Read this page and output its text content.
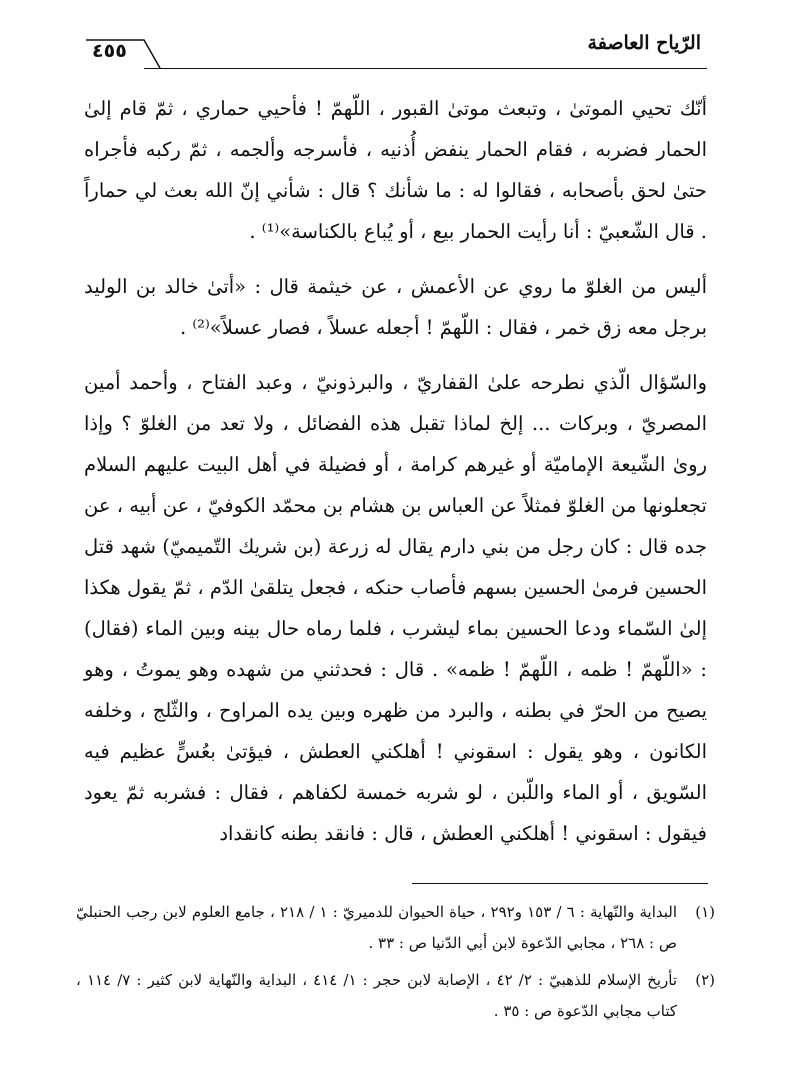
الرّياح العاصفة
٤٥٥

أنّك تحيي الموتىٰ ، وتبعث موتىٰ القبور ، اللّهمّ ! فأحيي حماري ، ثمّ قام إلىٰ الحمار فضربه ، فقام الحمار ينفض أُذنيه ، فأسرجه وألجمه ، ثمّ ركبه فأجراه حتىٰ لحق بأصحابه ، فقالوا له : ما شأنك ؟ قال : شأني إنّ الله بعث لي حماراً . قال الشّعبيّ : أنا رأيت الحمار بيع ، أو يُباع بالكناسة»⁽¹⁾ .

أليس من الغلوّ ما روي عن الأعمش ، عن خيثمة قال : «أتىٰ خالد بن الوليد برجل معه زق خمر ، فقال : اللّهمّ ! أجعله عسلاً ، فصار عسلاً»⁽²⁾ .

والسّؤال الّذي نطرحه علىٰ القفاريّ ، والبرذونيّ ، وعبد الفتاح ، وأحمد أمين المصريّ ، وبركات ... إلخ لماذا تقبل هذه الفضائل ، ولا تعد من الغلوّ ؟ وإذا روىٰ الشّيعة الإماميّة أو غيرهم كرامة ، أو فضيلة في أهل البيت عليهم السلام تجعلونها من الغلوّ فمثلاً عن العباس بن هشام بن محمّد الكوفيّ ، عن أبيه ، عن جده قال : كان رجل من بني دارم يقال له زرعة (بن شريك التّميميّ) شهد قتل الحسين فرمىٰ الحسين بسهم فأصاب حنكه ، فجعل يتلقىٰ الدّم ، ثمّ يقول هكذا إلىٰ السّماء ودعا الحسين بماء ليشرب ، فلما رماه حال بينه وبين الماء (فقال) : «اللّهمّ ! ظمه ، اللّهمّ ! ظمه» . قال : فحدثني من شهده وهو يموتُ ، وهو يصيح من الحرّ في بطنه ، والبرد من ظهره وبين يده المراوح ، والثّلج ، وخلفه الكانون ، وهو يقول : اسقوني ! أهلكني العطش ، فيؤتىٰ بعُسٍّ عظيم فيه السّويق ، أو الماء واللّبن ، لو شربه خمسة لكفاهم ، فقال : فشربه ثمّ يعود فيقول : اسقوني ! أهلكني العطش ، قال : فانقد بطنه كانقداد

(١)
البداية والنّهاية : ٦ / ١٥٣ و٢٩٢ ، حياة الحيوان للدميريّ : ١ / ٢١٨ ، جامع العلوم لابن رجب الحنبليّ ص : ٢٦٨ ، مجابي الدّعوة لابن أبي الدّنيا ص : ٣٣ .
(٢)
تأريخ الإسلام للذهبيّ : ٢/ ٤٢ ، الإصابة لابن حجر : ١/ ٤١٤ ، البداية والنّهاية لابن كثير : ٧/ ١١٤ ، كتاب مجابي الدّعوة ص : ٣٥ .
